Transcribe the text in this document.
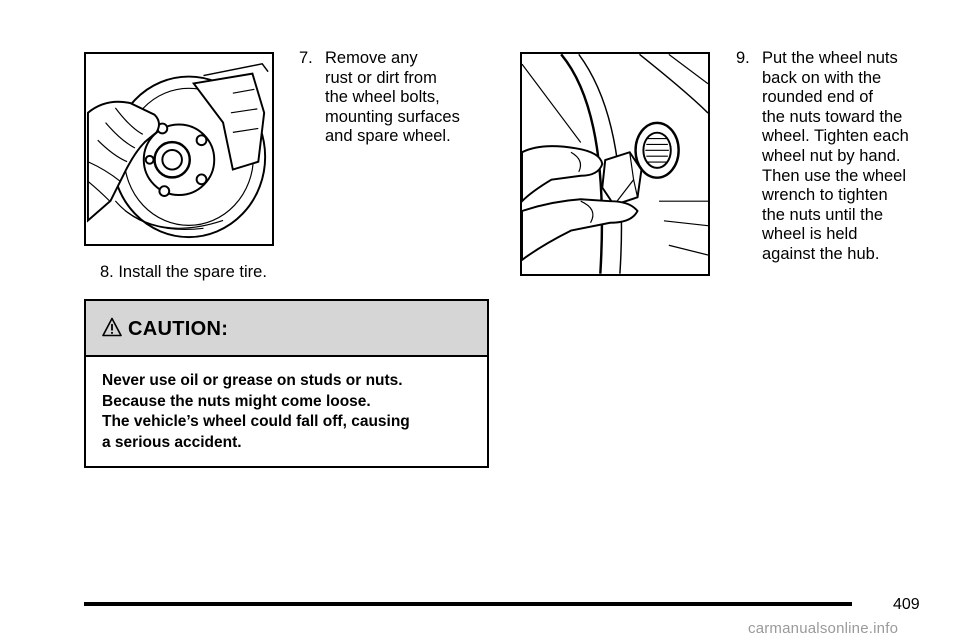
7. Remove any
rust or dirt from
the wheel bolts,
mounting surfaces
and spare wheel.
8. Install the spare tire.
9. Put the wheel nuts
back on with the
rounded end of
the nuts toward the
wheel. Tighten each
wheel nut by hand.
Then use the wheel
wrench to tighten
the nuts until the
wheel is held
against the hub.
CAUTION:
Never use oil or grease on studs or nuts.
Because the nuts might come loose.
The vehicle’s wheel could fall off, causing
a serious accident.
409
carmanualsonline.info
